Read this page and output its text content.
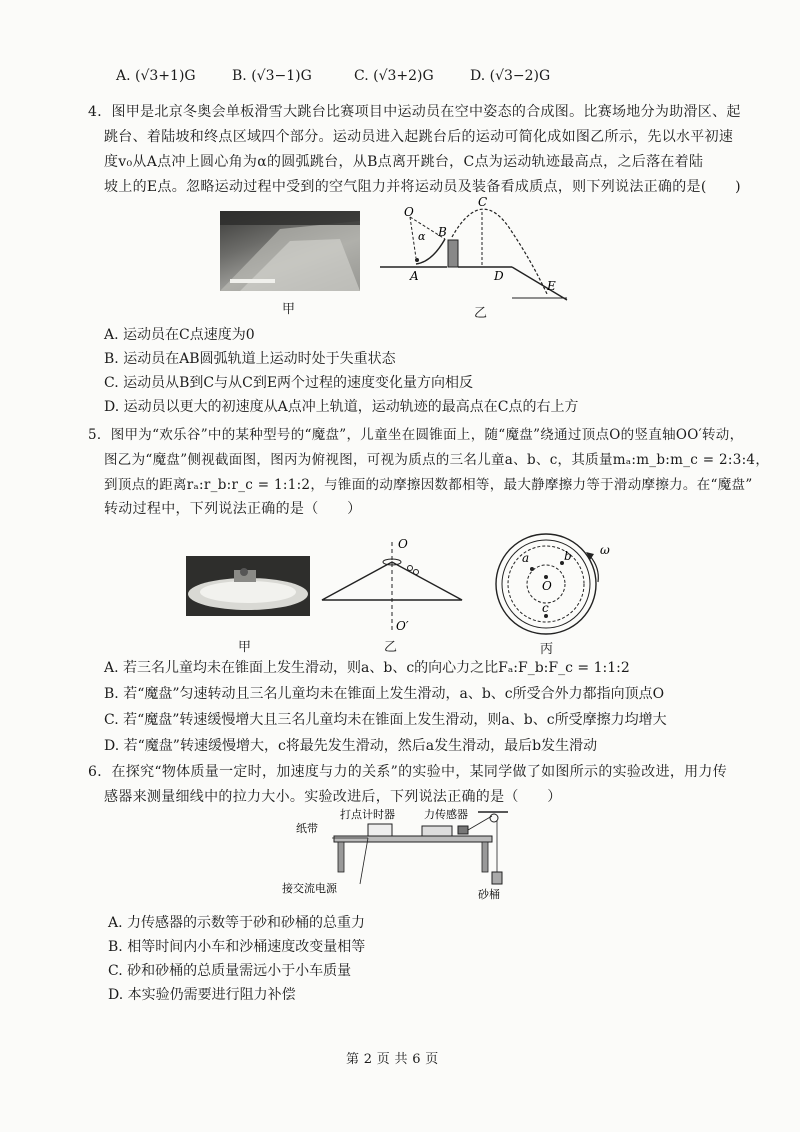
A. (√3+1)G	B. (√3−1)G	C. (√3+2)G	D. (√3−2)G
4．图甲是北京冬奥会单板滑雪大跳台比赛项目中运动员在空中姿态的合成图。比赛场地分为助滑区、起
跳台、着陆坡和终点区域四个部分。运动员进入起跳台后的运动可简化成如图乙所示，先以水平初速
度v₀从A点冲上圆心角为α的圆弧跳台，从B点离开跳台，C点为运动轨迹最高点，之后落在着陆
坡上的E点。忽略运动过程中受到的空气阻力并将运动员及装备看成质点，则下列说法正确的是(　　)
甲
O
C
B
α
A	D
E
乙
A. 运动员在C点速度为0
B. 运动员在AB圆弧轨道上运动时处于失重状态
C. 运动员从B到C与从C到E两个过程的速度变化量方向相反
D. 运动员以更大的初速度从A点冲上轨道，运动轨迹的最高点在C点的右上方
5．图甲为“欢乐谷”中的某种型号的“魔盘”，儿童坐在圆锥面上，随“魔盘”绕通过顶点O的竖直轴OO′转动，
图乙为“魔盘”侧视截面图，图丙为俯视图，可视为质点的三名儿童a、b、c，其质量mₐ:m_b:m_c = 2:3:4，
到顶点的距离rₐ:r_b:r_c = 1:1:2，与锥面的动摩擦因数都相等，最大静摩擦力等于滑动摩擦力。在“魔盘”
转动过程中，下列说法正确的是（　　）
甲
O
O′
乙
a	b
O
c
ω
丙
A. 若三名儿童均未在锥面上发生滑动，则a、b、c的向心力之比Fₐ:F_b:F_c = 1:1:2
B. 若“魔盘”匀速转动且三名儿童均未在锥面上发生滑动，a、b、c所受合外力都指向顶点O
C. 若“魔盘”转速缓慢增大且三名儿童均未在锥面上发生滑动，则a、b、c所受摩擦力均增大
D. 若“魔盘”转速缓慢增大，c将最先发生滑动，然后a发生滑动，最后b发生滑动
6．在探究“物体质量一定时，加速度与力的关系”的实验中，某同学做了如图所示的实验改进，用力传
感器来测量细线中的拉力大小。实验改进后，下列说法正确的是（　　）
打点计时器	力传感器
纸带
接交流电源	砂桶
A. 力传感器的示数等于砂和砂桶的总重力
B. 相等时间内小车和沙桶速度改变量相等
C. 砂和砂桶的总质量需远小于小车质量
D. 本实验仍需要进行阻力补偿
第 2 页 共 6 页
